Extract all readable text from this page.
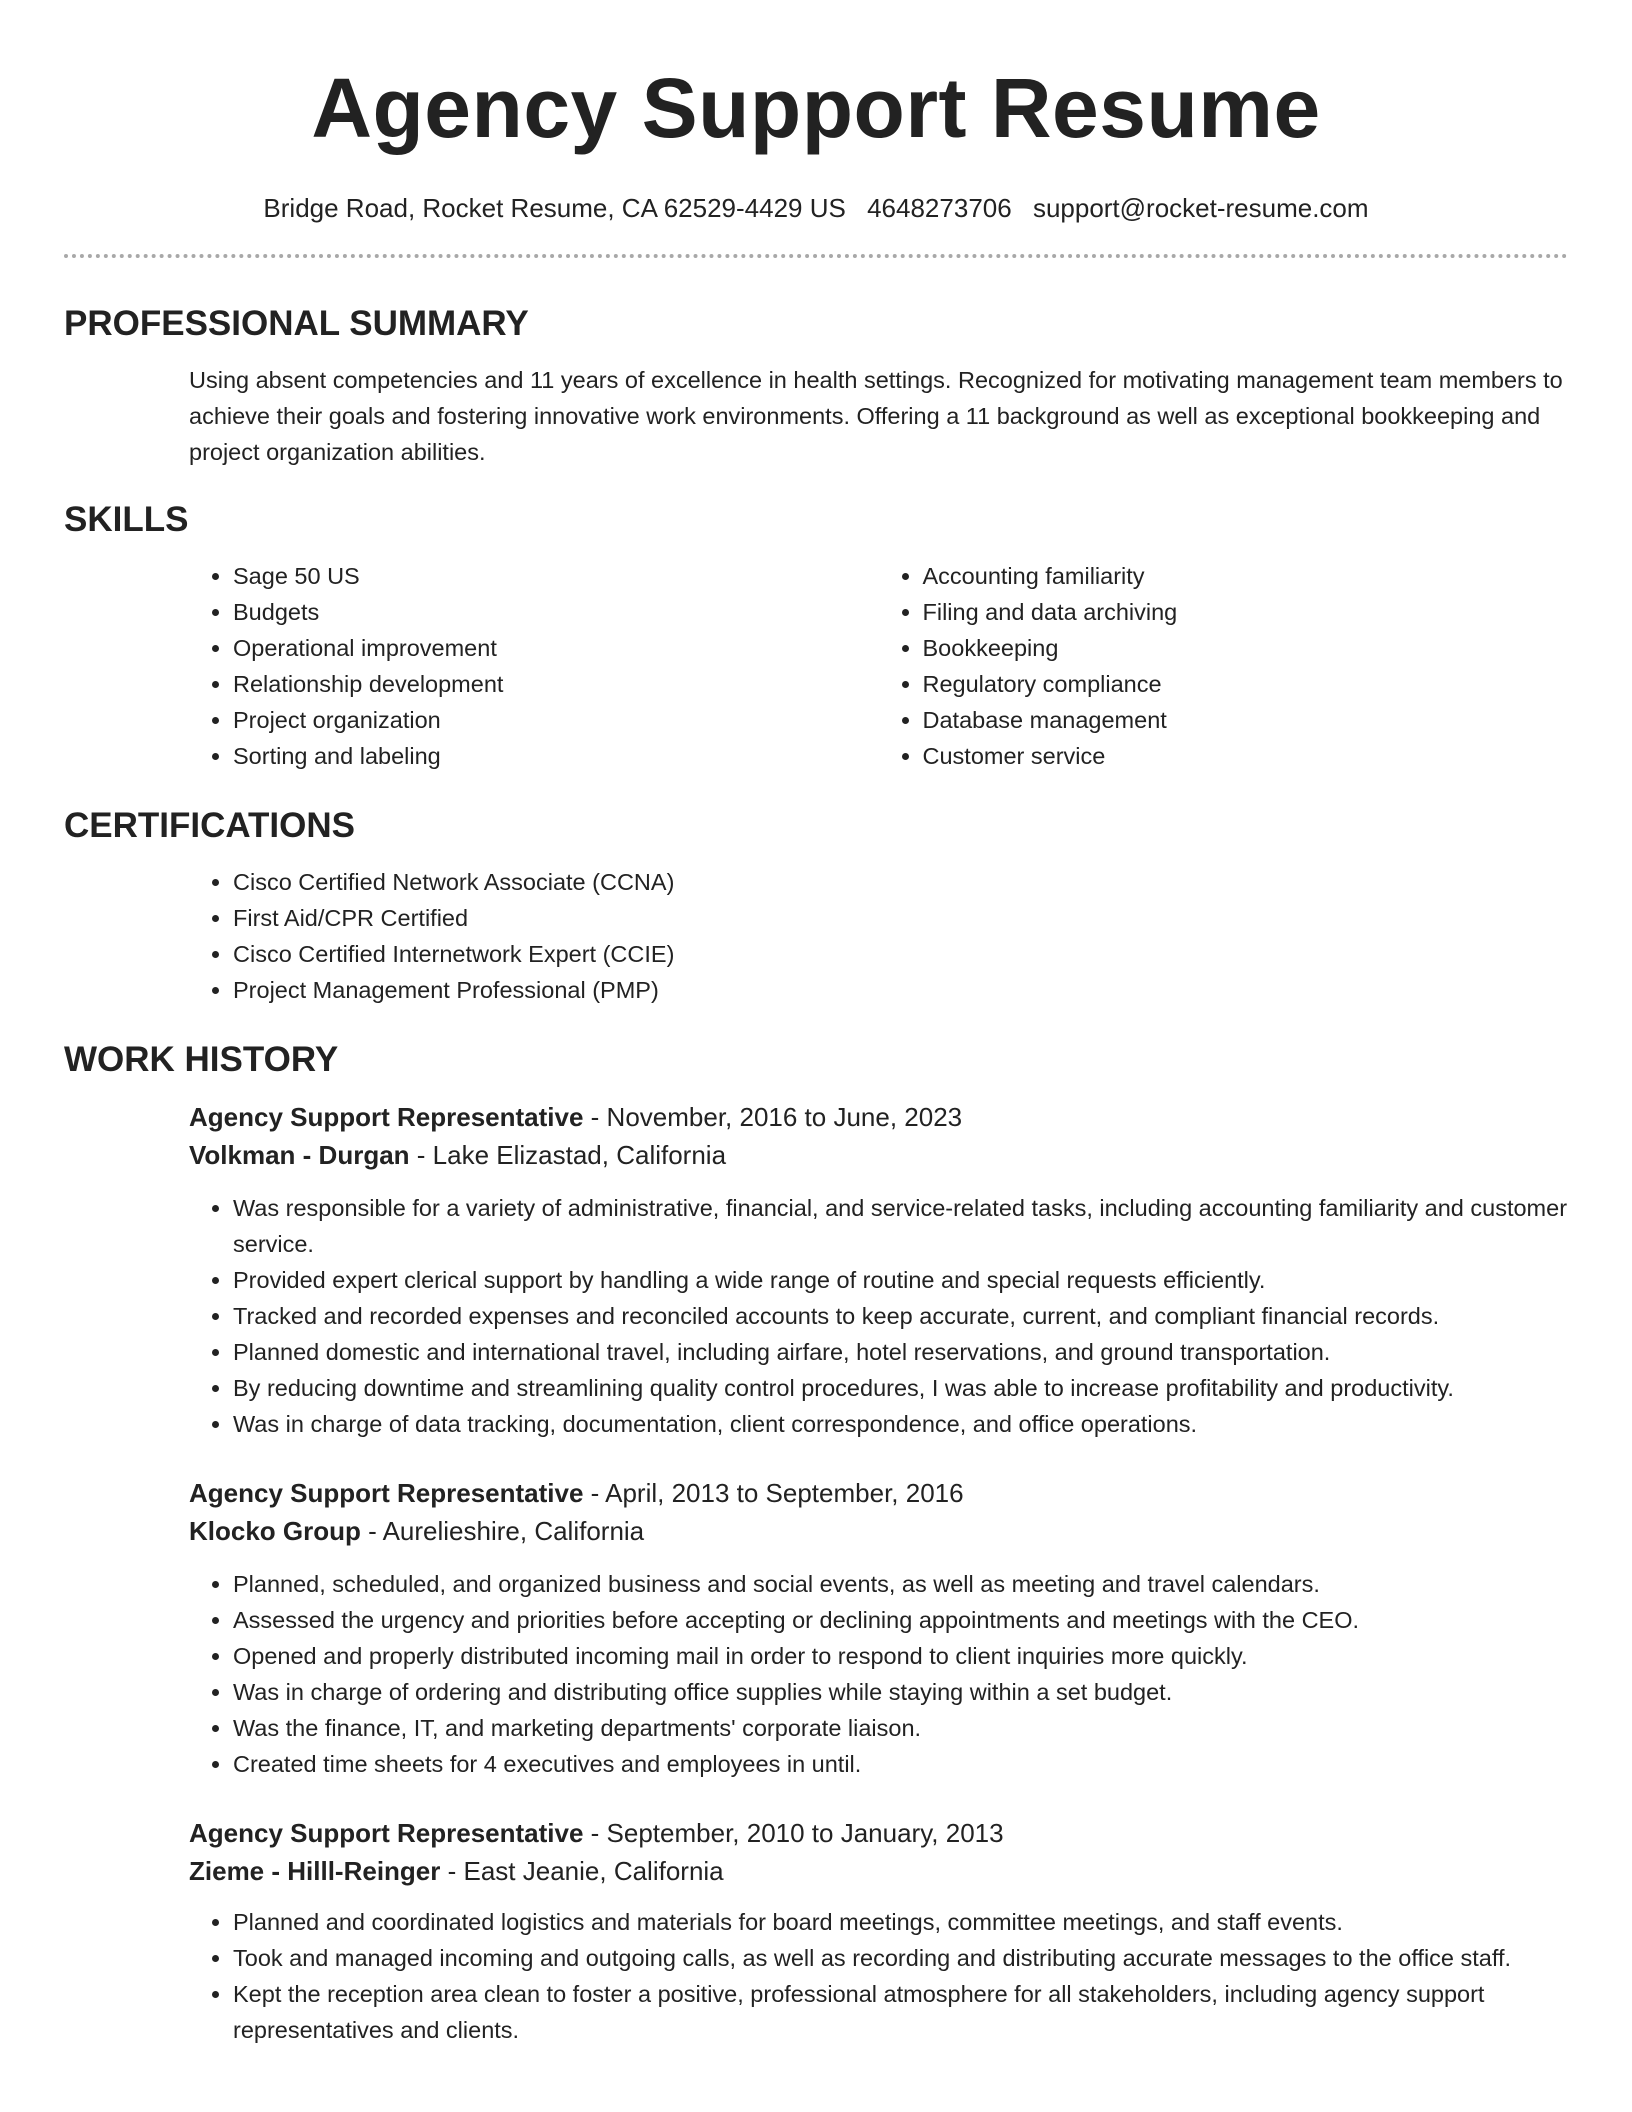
Agency Support Resume
Bridge Road, Rocket Resume, CA 62529-4429 US 4648273706 support@rocket-resume.com
PROFESSIONAL SUMMARY

Using absent competencies and 11 years of excellence in health settings. Recognized for motivating management team members to achieve their goals and fostering innovative work environments. Offering a 11 background as well as exceptional bookkeeping and project organization abilities.

SKILLS
• Sage 50 US
• Budgets
• Operational improvement
• Relationship development
• Project organization
• Sorting and labeling
• Accounting familiarity
• Filing and data archiving
• Bookkeeping
• Regulatory compliance
• Database management
• Customer service
CERTIFICATIONS
• Cisco Certified Network Associate (CCNA)
• First Aid/CPR Certified
• Cisco Certified Internetwork Expert (CCIE)
• Project Management Professional (PMP)
WORK HISTORY
Agency Support Representative - November, 2016 to June, 2023
Volkman - Durgan - Lake Elizastad, California
• Was responsible for a variety of administrative, financial, and service-related tasks, including accounting familiarity and customer service.
• Provided expert clerical support by handling a wide range of routine and special requests efficiently.
• Tracked and recorded expenses and reconciled accounts to keep accurate, current, and compliant financial records.
• Planned domestic and international travel, including airfare, hotel reservations, and ground transportation.
• By reducing downtime and streamlining quality control procedures, I was able to increase profitability and productivity.
• Was in charge of data tracking, documentation, client correspondence, and office operations.
Agency Support Representative - April, 2013 to September, 2016
Klocko Group - Aurelieshire, California
• Planned, scheduled, and organized business and social events, as well as meeting and travel calendars.
• Assessed the urgency and priorities before accepting or declining appointments and meetings with the CEO.
• Opened and properly distributed incoming mail in order to respond to client inquiries more quickly.
• Was in charge of ordering and distributing office supplies while staying within a set budget.
• Was the finance, IT, and marketing departments' corporate liaison.
• Created time sheets for 4 executives and employees in until.
Agency Support Representative - September, 2010 to January, 2013
Zieme - Hilll-Reinger - East Jeanie, California
• Planned and coordinated logistics and materials for board meetings, committee meetings, and staff events.
• Took and managed incoming and outgoing calls, as well as recording and distributing accurate messages to the office staff.
• Kept the reception area clean to foster a positive, professional atmosphere for all stakeholders, including agency support representatives and clients.
